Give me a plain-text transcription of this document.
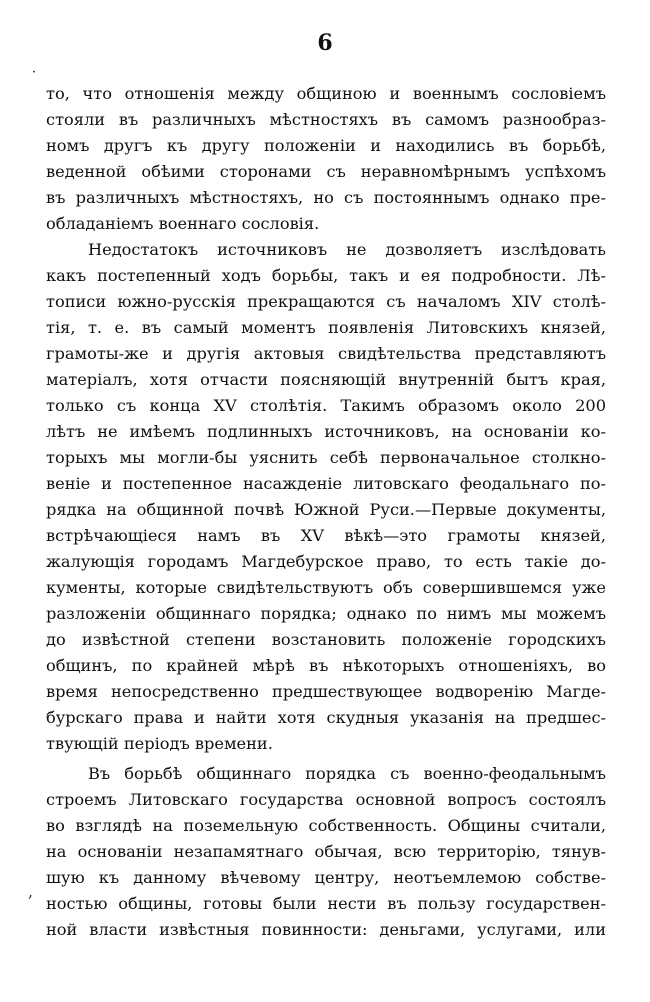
6
˙
,
то, что отношенія между общиною и военнымъ сословіемъ
стояли въ различныхъ мѣстностяхъ въ самомъ разнообраз-
номъ другъ къ другу положеніи и находились въ борьбѣ,
веденной обѣими сторонами съ неравномѣрнымъ успѣхомъ
въ различныхъ мѣстностяхъ, но съ постояннымъ однако пре-
обладаніемъ военнаго сословія.
Недостатокъ источниковъ не дозволяетъ изслѣдовать
какъ постепенный ходъ борьбы, такъ и ея подробности. Лѣ-
тописи южно-русскія прекращаются съ началомъ XIV столѣ-
тія, т. е. въ самый моментъ появленія Литовскихъ князей,
грамоты-же и другія актовыя свидѣтельства представляютъ
матеріалъ, хотя отчасти поясняющій внутренній бытъ края,
только съ конца XV столѣтія. Такимъ образомъ около 200
лѣтъ не имѣемъ подлинныхъ источниковъ, на основаніи ко-
торыхъ мы могли-бы уяснить себѣ первоначальное столкно-
веніе и постепенное насажденіе литовскаго феодальнаго по-
рядка на общинной почвѣ Южной Руси.—Первые документы,
встрѣчающіеся намъ въ XV вѣкѣ—это грамоты князей,
жалующія городамъ Магдебурское право, то есть такіе до-
кументы, которые свидѣтельствуютъ объ совершившемся уже
разложеніи общиннаго порядка; однако по нимъ мы можемъ
до извѣстной степени возстановить положеніе городскихъ
общинъ, по крайней мѣрѣ въ нѣкоторыхъ отношеніяхъ, во
время непосредственно предшествующее водворенію Магде-
бурскаго права и найти хотя скудныя указанія на предшес-
твующій періодъ времени.
Въ борьбѣ общиннаго порядка съ военно-феодальнымъ
строемъ Литовскаго государства основной вопросъ состоялъ
во взглядѣ на поземельную собственность. Общины считали,
на основаніи незапамятнаго обычая, всю территорію, тянув-
шую къ данному вѣчевому центру, неотъемлемою собстве-
ностью общины, готовы были нести въ пользу государствен-
ной власти извѣстныя повинности: деньгами, услугами, или
